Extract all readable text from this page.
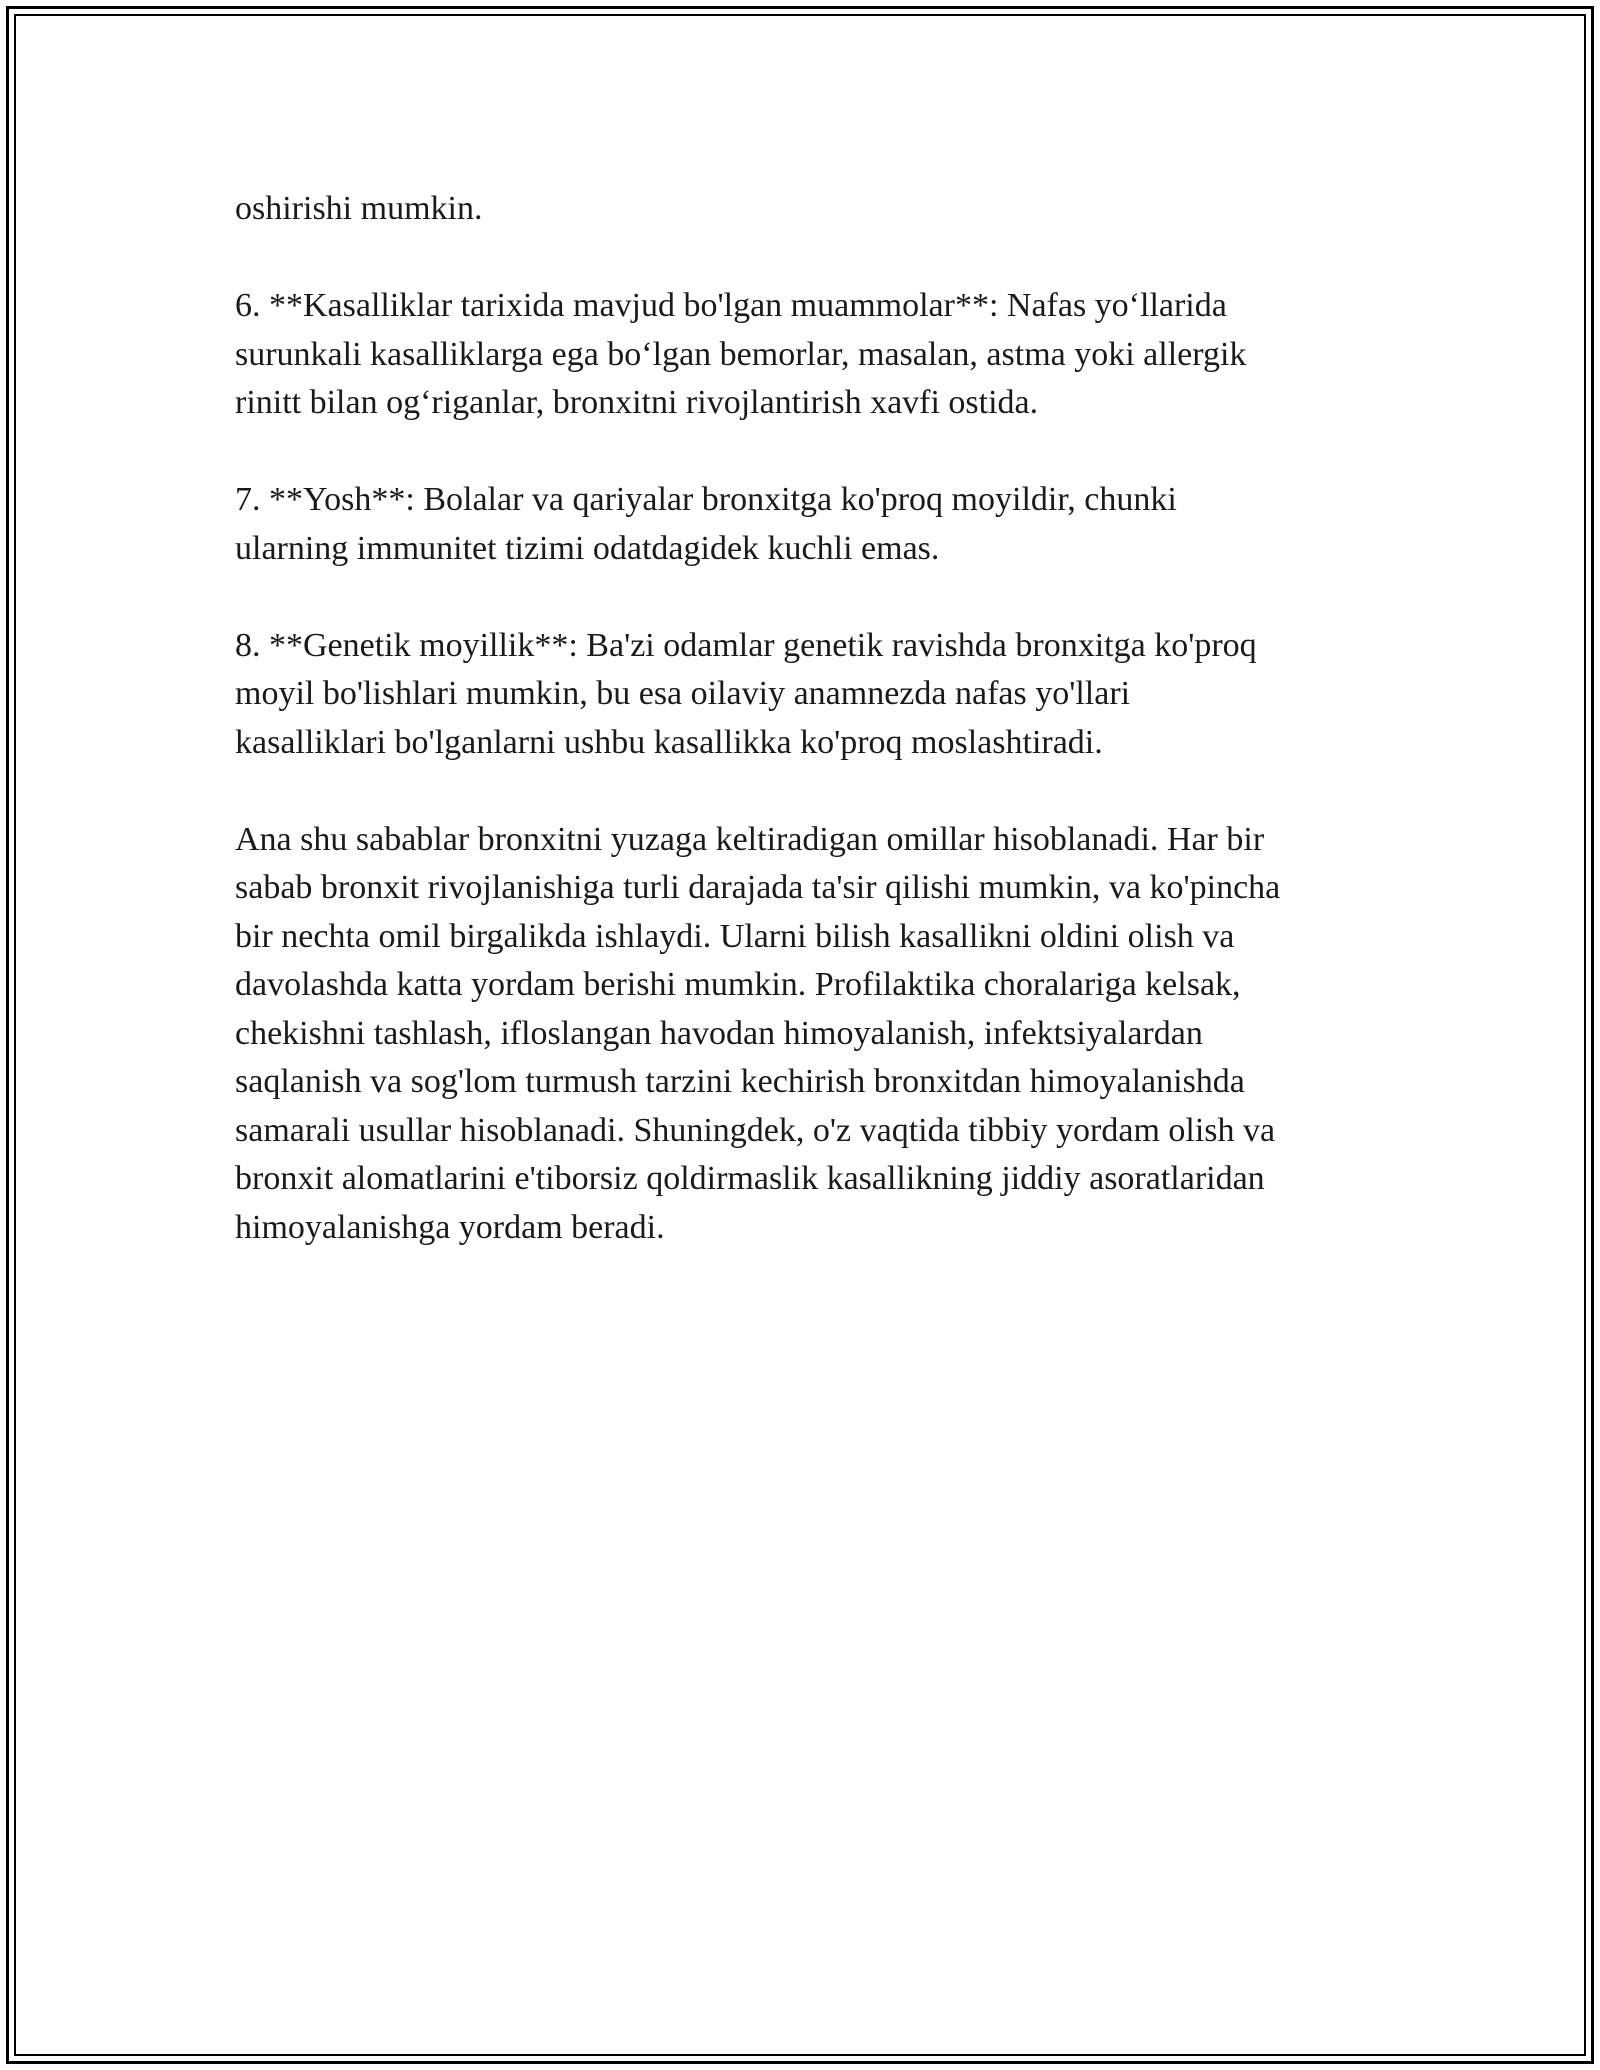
oshirishi mumkin.

6. **Kasalliklar tarixida mavjud bo'lgan muammolar**: Nafas yo‘llarida
surunkali kasalliklarga ega bo‘lgan bemorlar, masalan, astma yoki allergik
rinitt bilan og‘riganlar, bronxitni rivojlantirish xavfi ostida.

7. **Yosh**: Bolalar va qariyalar bronxitga ko'proq moyildir, chunki
ularning immunitet tizimi odatdagidek kuchli emas.

8. **Genetik moyillik**: Ba'zi odamlar genetik ravishda bronxitga ko'proq
moyil bo'lishlari mumkin, bu esa oilaviy anamnezda nafas yo'llari
kasalliklari bo'lganlarni ushbu kasallikka ko'proq moslashtiradi.

Ana shu sabablar bronxitni yuzaga keltiradigan omillar hisoblanadi. Har bir
sabab bronxit rivojlanishiga turli darajada ta'sir qilishi mumkin, va ko'pincha
bir nechta omil birgalikda ishlaydi. Ularni bilish kasallikni oldini olish va
davolashda katta yordam berishi mumkin. Profilaktika choralariga kelsak,
chekishni tashlash, ifloslangan havodan himoyalanish, infektsiyalardan
saqlanish va sog'lom turmush tarzini kechirish bronxitdan himoyalanishda
samarali usullar hisoblanadi. Shuningdek, o'z vaqtida tibbiy yordam olish va
bronxit alomatlarini e'tiborsiz qoldirmaslik kasallikning jiddiy asoratlaridan
himoyalanishga yordam beradi.
